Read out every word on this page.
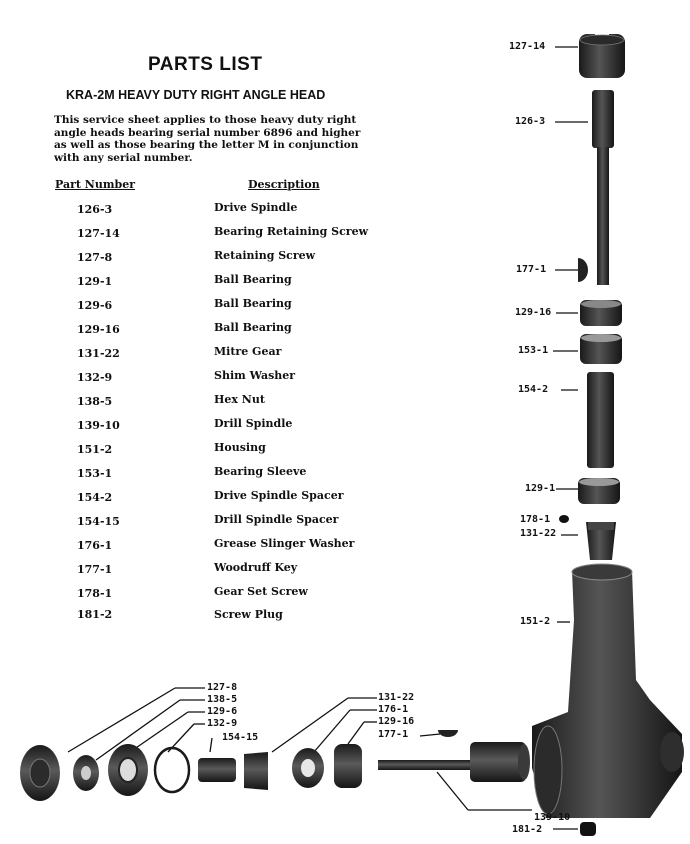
PARTS LIST
KRA-2M HEAVY DUTY RIGHT ANGLE HEAD
This service sheet applies to those heavy duty right
angle heads bearing serial number 6896 and higher
as well as those bearing the letter M in conjunction
with any serial number.
Part Number	Description
126-3	Drive Spindle
127-14	Bearing Retaining Screw
127-8	Retaining Screw
129-1	Ball Bearing
129-6	Ball Bearing
129-16	Ball Bearing
131-22	Mitre Gear
132-9	Shim Washer
138-5	Hex Nut
139-10	Drill Spindle
151-2	Housing
153-1	Bearing Sleeve
154-2	Drive Spindle Spacer
154-15	Drill Spindle Spacer
176-1	Grease Slinger Washer
177-1	Woodruff Key
178-1	Gear Set Screw
181-2	Screw Plug
127-14
126-3
177-1
129-16
153-1
154-2
129-1
178-1
131-22
151-2
127-8
138-5
129-6
132-9
154-15
131-22
176-1
129-16
177-1
139-10
181-2
